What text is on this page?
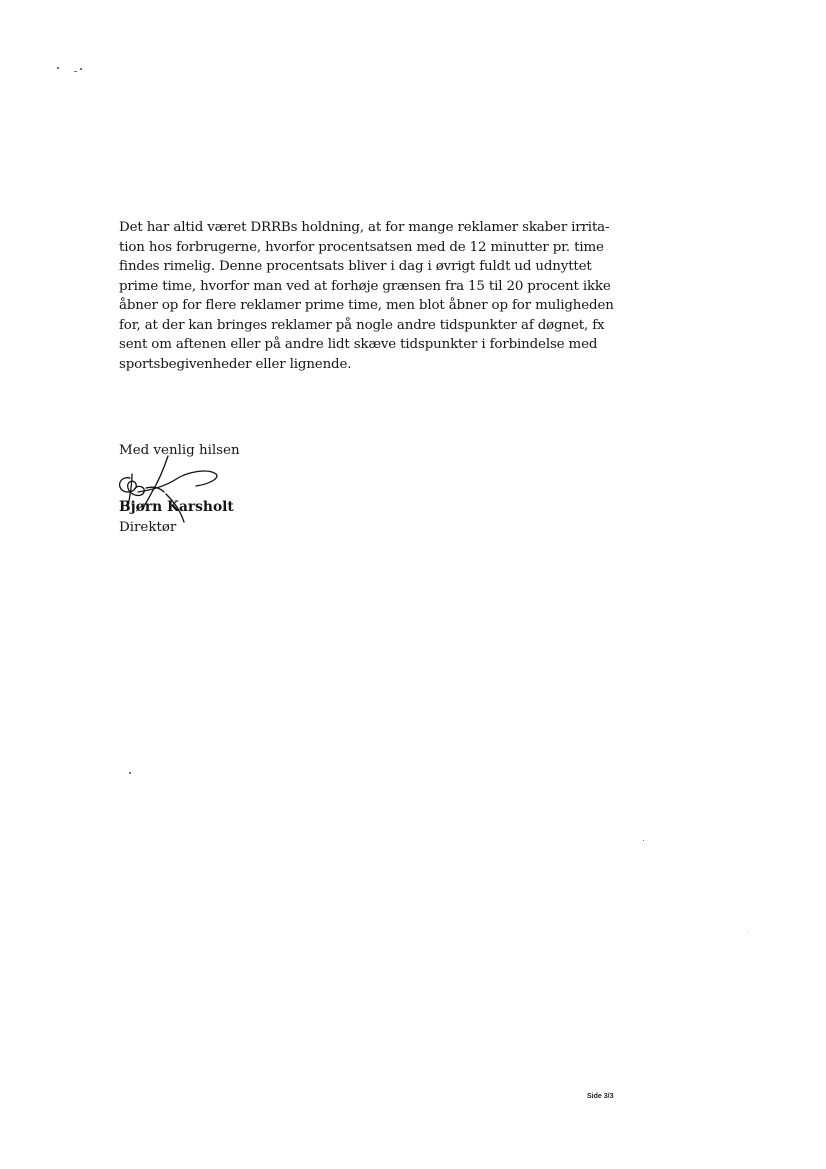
Det har altid været DRRBs holdning, at for mange reklamer skaber irrita-
tion hos forbrugerne, hvorfor procentsatsen med de 12 minutter pr. time
findes rimelig. Denne procentsats bliver i dag i øvrigt fuldt ud udnyttet
prime time, hvorfor man ved at forhøje grænsen fra 15 til 20 procent ikke
åbner op for flere reklamer prime time, men blot åbner op for muligheden
for, at der kan bringes reklamer på nogle andre tidspunkter af døgnet, fx
sent om aftenen eller på andre lidt skæve tidspunkter i forbindelse med
sportsbegivenheder eller lignende.
Med venlig hilsen
Bjørn Karsholt
Direktør
Side 3/3
